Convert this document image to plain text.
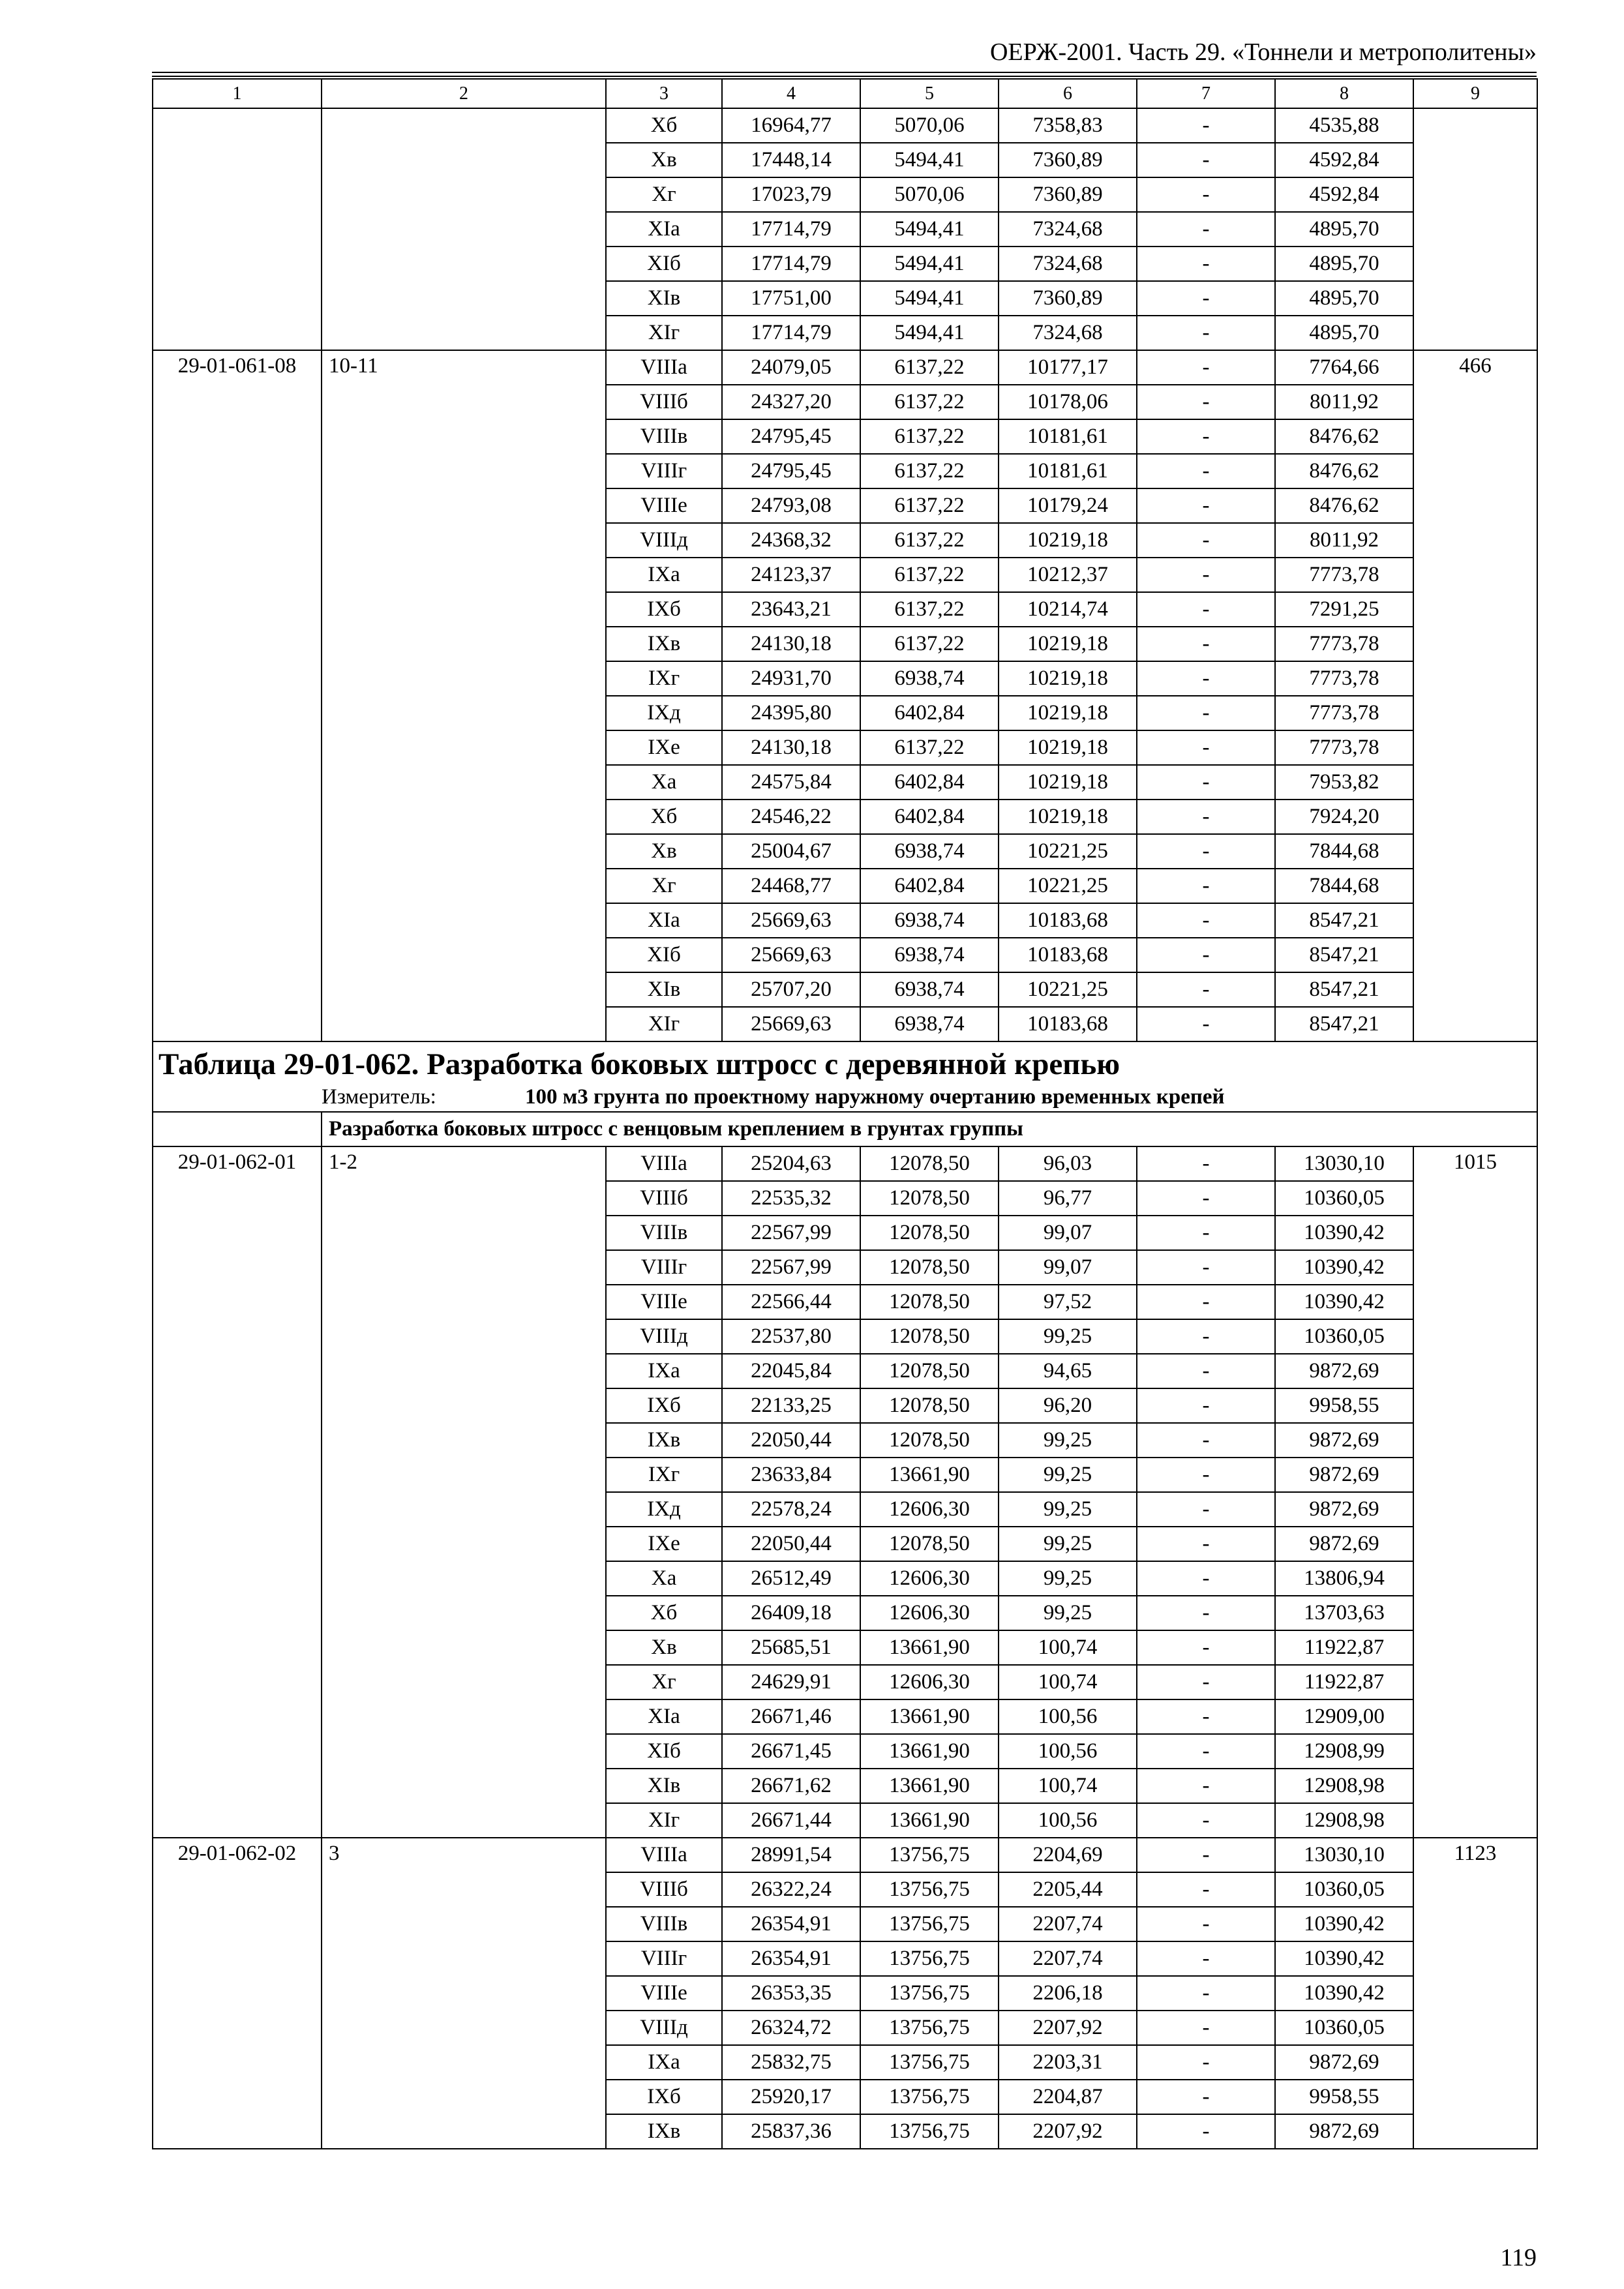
ОЕРЖ-2001. Часть 29. «Тоннели и метрополитены»
1	2	3	4	5	6	7	8	9
		Xб	16964,77	5070,06	7358,83	-	4535,88	
		Xв	17448,14	5494,41	7360,89	-	4592,84	
		Xг	17023,79	5070,06	7360,89	-	4592,84	
		XIа	17714,79	5494,41	7324,68	-	4895,70	
		XIб	17714,79	5494,41	7324,68	-	4895,70	
		XIв	17751,00	5494,41	7360,89	-	4895,70	
		XIг	17714,79	5494,41	7324,68	-	4895,70	
29-01-061-08	10-11	VIIIа	24079,05	6137,22	10177,17	-	7764,66	466
		VIIIб	24327,20	6137,22	10178,06	-	8011,92	
		VIIIв	24795,45	6137,22	10181,61	-	8476,62	
		VIIIг	24795,45	6137,22	10181,61	-	8476,62	
		VIIIе	24793,08	6137,22	10179,24	-	8476,62	
		VIIIд	24368,32	6137,22	10219,18	-	8011,92	
		IXа	24123,37	6137,22	10212,37	-	7773,78	
		IXб	23643,21	6137,22	10214,74	-	7291,25	
		IXв	24130,18	6137,22	10219,18	-	7773,78	
		IXг	24931,70	6938,74	10219,18	-	7773,78	
		IXд	24395,80	6402,84	10219,18	-	7773,78	
		IXе	24130,18	6137,22	10219,18	-	7773,78	
		Xа	24575,84	6402,84	10219,18	-	7953,82	
		Xб	24546,22	6402,84	10219,18	-	7924,20	
		Xв	25004,67	6938,74	10221,25	-	7844,68	
		Xг	24468,77	6402,84	10221,25	-	7844,68	
		XIа	25669,63	6938,74	10183,68	-	8547,21	
		XIб	25669,63	6938,74	10183,68	-	8547,21	
		XIв	25707,20	6938,74	10221,25	-	8547,21	
		XIг	25669,63	6938,74	10183,68	-	8547,21	

Таблица 29-01-062. Разработка боковых штросс с деревянной крепью
Измеритель: 100 м3 грунта по проектному наружному очертанию временных крепей								

	Разработка боковых штросс с венцовым креплением в грунтах группы							
29-01-062-01	1-2	VIIIа	25204,63	12078,50	96,03	-	13030,10	1015
		VIIIб	22535,32	12078,50	96,77	-	10360,05	
		VIIIв	22567,99	12078,50	99,07	-	10390,42	
		VIIIг	22567,99	12078,50	99,07	-	10390,42	
		VIIIе	22566,44	12078,50	97,52	-	10390,42	
		VIIIд	22537,80	12078,50	99,25	-	10360,05	
		IXа	22045,84	12078,50	94,65	-	9872,69	
		IXб	22133,25	12078,50	96,20	-	9958,55	
		IXв	22050,44	12078,50	99,25	-	9872,69	
		IXг	23633,84	13661,90	99,25	-	9872,69	
		IXд	22578,24	12606,30	99,25	-	9872,69	
		IXе	22050,44	12078,50	99,25	-	9872,69	
		Xа	26512,49	12606,30	99,25	-	13806,94	
		Xб	26409,18	12606,30	99,25	-	13703,63	
		Xв	25685,51	13661,90	100,74	-	11922,87	
		Xг	24629,91	12606,30	100,74	-	11922,87	
		XIа	26671,46	13661,90	100,56	-	12909,00	
		XIб	26671,45	13661,90	100,56	-	12908,99	
		XIв	26671,62	13661,90	100,74	-	12908,98	
		XIг	26671,44	13661,90	100,56	-	12908,98	
29-01-062-02	3	VIIIа	28991,54	13756,75	2204,69	-	13030,10	1123
		VIIIб	26322,24	13756,75	2205,44	-	10360,05	
		VIIIв	26354,91	13756,75	2207,74	-	10390,42	
		VIIIг	26354,91	13756,75	2207,74	-	10390,42	
		VIIIе	26353,35	13756,75	2206,18	-	10390,42	
		VIIIд	26324,72	13756,75	2207,92	-	10360,05	
		IXа	25832,75	13756,75	2203,31	-	9872,69	
		IXб	25920,17	13756,75	2204,87	-	9958,55	
		IXв	25837,36	13756,75	2207,92	-	9872,69	
119
